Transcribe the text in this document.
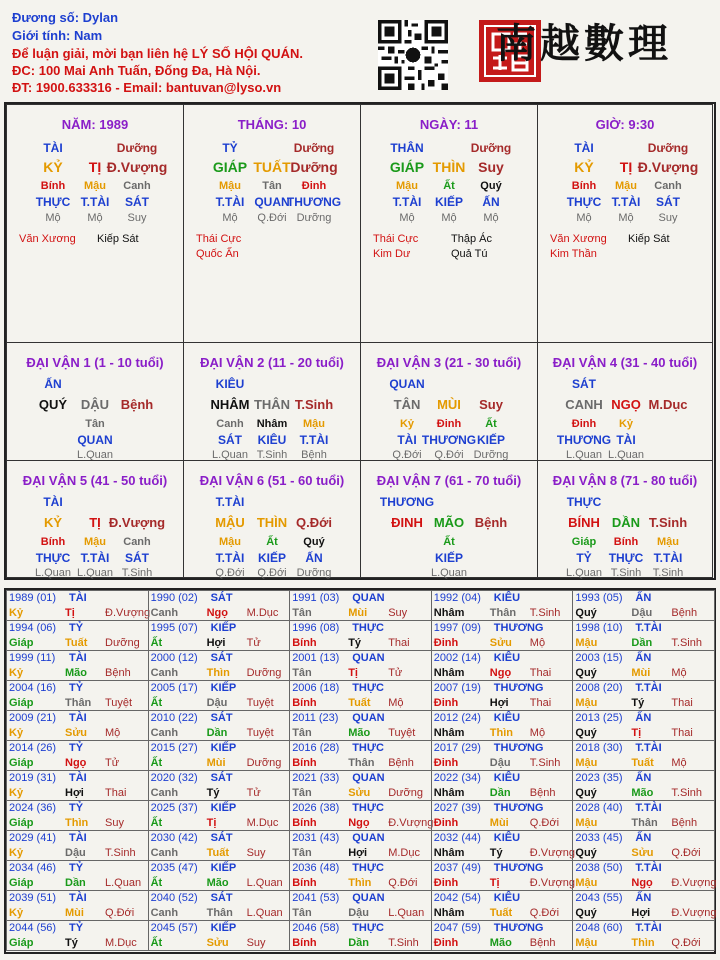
Đương số: Dylan
Giới tính: Nam
Để luận giải, mời bạn liên hệ LÝ SỐ HỘI QUÁN.
ĐC: 100 Mai Anh Tuấn, Đống Đa, Hà Nội.
ĐT: 1900.633316 - Email: bantuvan@lyso.vn
南越數理
NĂM: 1989
TÀI	Dưỡng
KỶ	TỊ Đ.Vượng
Bính	Mậu	Canh
THỰC T.TÀI	SÁT
Mộ	Mộ	Suy
Văn Xương Kiếp Sát
THÁNG: 10
TỶ	Dưỡng
GIÁP TUẤT Dưỡng
Mậu	Tân	Đinh
T.TÀI QUAN
THƯƠNG
Mộ	Q.Đới Dưỡng
Thái Cực
Quốc Ấn
NGÀY: 11
THÂN	Dưỡng
GIÁP THÌN Suy
Mậu	Ất	Quý
T.TÀI	KIẾP	ẤN
Mộ	Mộ	Mộ
Thái Cực	Thập Ác
Kim Dư	Quả Tú
GIỜ: 9:30
TÀI	Dưỡng
KỶ	TỊ Đ.Vượng
Bính	Mậu	Canh
THỰC T.TÀI	SÁT
Mộ	Mộ	Suy
Văn Xương Kiếp Sát
Kim Thần
ĐẠI VẬN 1 (1 - 10 tuổi)
ẤN
QUÝ	DẬU Bệnh
Tân
QUAN
L.Quan
ĐẠI VẬN 2 (11 - 20 tuổi)
KIÊU
NHÂM THÂN T.Sinh
Canh	Nhâm	Mậu
SÁT	KIÊU	T.TÀI
L.Quan T.Sinh	Bệnh
ĐẠI VẬN 3 (21 - 30 tuổi)
QUAN
TÂN	MÙI	Suy
Kỷ	Đinh	Ất
TÀI THƯƠNG KIẾP
Q.Đới	Q.Đới Dưỡng
ĐẠI VẬN 4 (31 - 40 tuổi)
SÁT
CANH NGỌ M.Dục
Đinh	Kỷ
THƯƠNG TÀI
L.Quan L.Quan
ĐẠI VẬN 5 (41 - 50 tuổi)
TÀI
KỶ	TỊ Đ.Vượng
Bính	Mậu	Canh
THỰC T.TÀI	SÁT
L.Quan L.Quan T.Sinh
ĐẠI VẬN 6 (51 - 60 tuổi)
T.TÀI
MẬU THÌN Q.Đới
Mậu	Ất	Quý
T.TÀI	KIẾP	ẤN
Q.Đới	Q.Đới Dưỡng
ĐẠI VẬN 7 (61 - 70 tuổi)
THƯƠNG
ĐINH MÃO Bệnh
Ất
KIẾP
L.Quan
ĐẠI VẬN 8 (71 - 80 tuổi)
THỰC
BÍNH DẦN T.Sinh
Giáp	Bính	Mậu
TỶ	THỰC T.TÀI
L.Quan T.Sinh	T.Sinh
1989 (01) TÀI
Kỷ	Tị	Đ.Vượng
1990 (02) SÁT
Canh	Ngọ M.Dục
1991 (03) QUAN
Tân	Mùi Suy
1992 (04) KIÊU
Nhâm Thân T.Sinh
1993 (05) ẤN
Quý	Dậu Bệnh
1994 (06) TỶ
Giáp	Tuất Dưỡng
1995 (07) KIẾP
Ất	Hợi Tử
1996 (08) THỰC
Bính	Tý Thai
1997 (09) THƯƠNG
Đinh	Sửu Mộ
1998 (10) T.TÀI
Mậu	Dần T.Sinh
1999 (11) TÀI
Kỷ	Mão Bệnh
2000 (12) SÁT
Canh	Thìn Dưỡng
2001 (13) QUAN
Tân	Tị	Tử
2002 (14) KIÊU
Nhâm Ngọ Thai
2003 (15) ẤN
Quý	Mùi Mộ
2004 (16) TỶ
Giáp	Thân Tuyệt
2005 (17) KIẾP
Ất	Dậu Tuyệt
2006 (18) THỰC
Bính	Tuất Mộ
2007 (19) THƯƠNG
Đinh	Hợi Thai
2008 (20) T.TÀI
Mậu	Tý Thai
2009 (21) TÀI
Kỷ	Sửu Mộ
2010 (22) SÁT
Canh	Dần Tuyệt
2011 (23) QUAN
Tân	Mão Tuyệt
2012 (24) KIÊU
Nhâm Thìn Mộ
2013 (25) ẤN
Quý	Tị	Thai
2014 (26) TỶ
Giáp	Ngọ Tử
2015 (27) KIẾP
Ất	Mùi Dưỡng
2016 (28) THỰC
Bính	Thân Bệnh
2017 (29) THƯƠNG
Đinh	Dậu T.Sinh
2018 (30) T.TÀI
Mậu	Tuất Mộ
2019 (31) TÀI
Kỷ	Hợi Thai
2020 (32) SÁT
Canh	Tý Tử
2021 (33) QUAN
Tân	Sửu Dưỡng
2022 (34) KIÊU
Nhâm Dần Bệnh
2023 (35) ẤN
Quý	Mão T.Sinh
2024 (36) TỶ
Giáp	Thìn Suy
2025 (37) KIẾP
Ất	Tị	M.Dục
2026 (38) THỰC
Bính	Ngọ Đ.Vượng
2027 (39) THƯƠNG
Đinh	Mùi Q.Đới
2028 (40) T.TÀI
Mậu	Thân Bệnh
2029 (41) TÀI
Kỷ	Dậu T.Sinh
2030 (42) SÁT
Canh	Tuất Suy
2031 (43) QUAN
Tân	Hợi M.Dục
2032 (44) KIÊU
Nhâm Tý Đ.Vượng
2033 (45) ẤN
Quý	Sửu Q.Đới
2034 (46) TỶ
Giáp	Dần L.Quan
2035 (47) KIẾP
Ất	Mão L.Quan
2036 (48) THỰC
Bính	Thìn Q.Đới
2037 (49) THƯƠNG
Đinh	Tị	Đ.Vượng
2038 (50) T.TÀI
Mậu	Ngọ Đ.Vượng
2039 (51) TÀI
Kỷ	Mùi Q.Đới
2040 (52) SÁT
Canh	Thân L.Quan
2041 (53) QUAN
Tân	Dậu L.Quan
2042 (54) KIÊU
Nhâm Tuất Q.Đới
2043 (55) ẤN
Quý	Hợi Đ.Vượng
2044 (56) TỶ
Giáp	Tý M.Dục
2045 (57) KIẾP
Ất	Sửu Suy
2046 (58) THỰC
Bính	Dần T.Sinh
2047 (59) THƯƠNG
Đinh	Mão Bệnh
2048 (60) T.TÀI
Mậu	Thìn Q.Đới
